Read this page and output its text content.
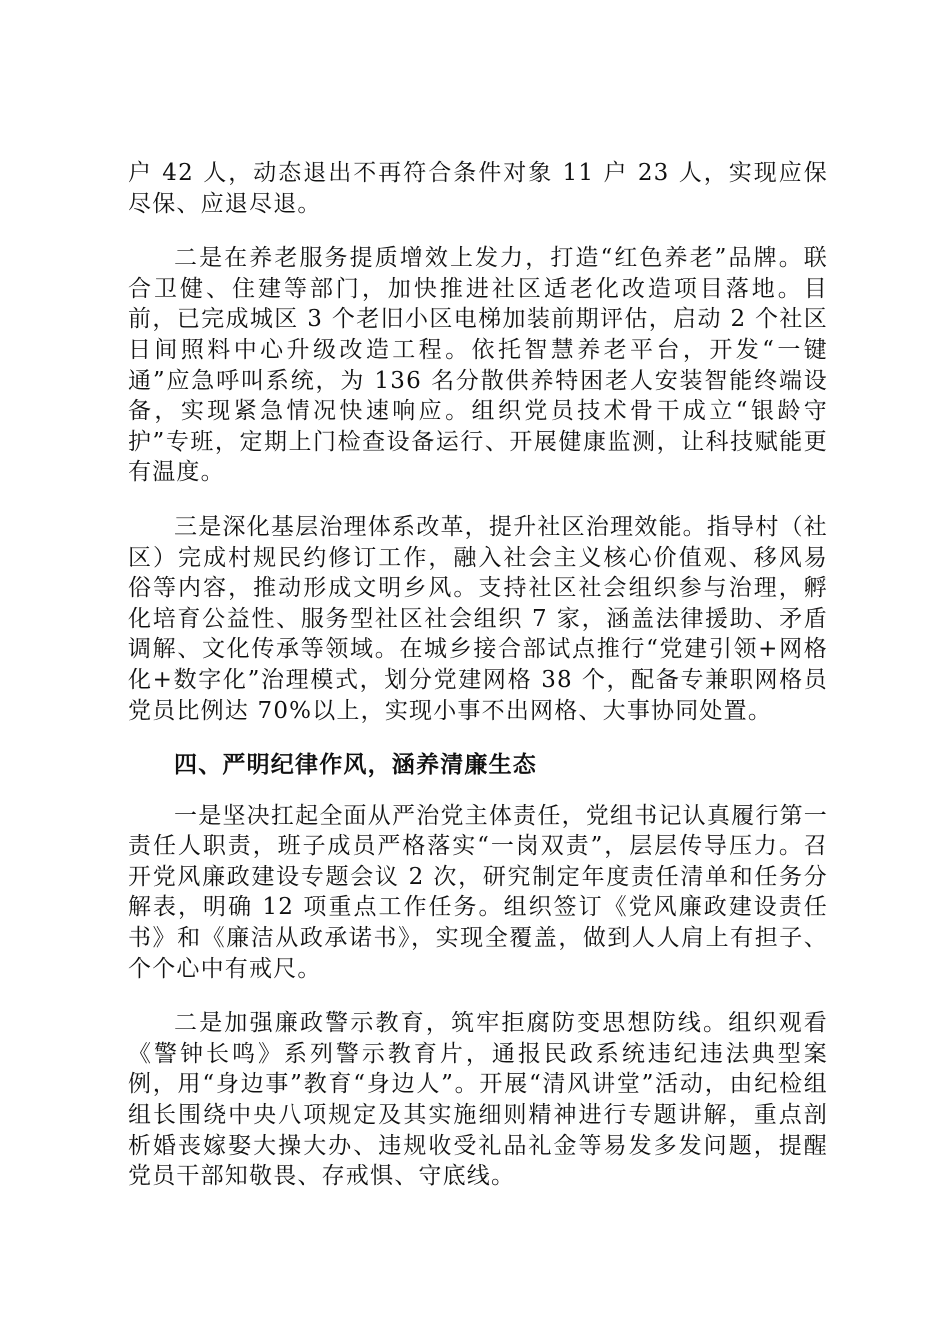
户 42 人，动态退出不再符合条件对象 11 户 23 人，实现应保尽保、应退尽退。

二是在养老服务提质增效上发力，打造“红色养老”品牌。联合卫健、住建等部门，加快推进社区适老化改造项目落地。目前，已完成城区 3 个老旧小区电梯加装前期评估，启动 2 个社区日间照料中心升级改造工程。依托智慧养老平台，开发“一键通”应急呼叫系统，为 136 名分散供养特困老人安装智能终端设备，实现紧急情况快速响应。组织党员技术骨干成立“银龄守护”专班，定期上门检查设备运行、开展健康监测，让科技赋能更有温度。

三是深化基层治理体系改革，提升社区治理效能。指导村（社区）完成村规民约修订工作，融入社会主义核心价值观、移风易俗等内容，推动形成文明乡风。支持社区社会组织参与治理，孵化培育公益性、服务型社区社会组织 7 家，涵盖法律援助、矛盾调解、文化传承等领域。在城乡接合部试点推行“党建引领+网格化+数字化”治理模式，划分党建网格 38 个，配备专兼职网格员党员比例达 70%以上，实现小事不出网格、大事协同处置。

四、严明纪律作风，涵养清廉生态

一是坚决扛起全面从严治党主体责任，党组书记认真履行第一责任人职责，班子成员严格落实“一岗双责”，层层传导压力。召开党风廉政建设专题会议 2 次，研究制定年度责任清单和任务分解表，明确 12 项重点工作任务。组织签订《党风廉政建设责任书》和《廉洁从政承诺书》，实现全覆盖，做到人人肩上有担子、个个心中有戒尺。

二是加强廉政警示教育，筑牢拒腐防变思想防线。组织观看《警钟长鸣》系列警示教育片，通报民政系统违纪违法典型案例，用“身边事”教育“身边人”。开展“清风讲堂”活动，由纪检组组长围绕中央八项规定及其实施细则精神进行专题讲解，重点剖析婚丧嫁娶大操大办、违规收受礼品礼金等易发多发问题，提醒党员干部知敬畏、存戒惧、守底线。
